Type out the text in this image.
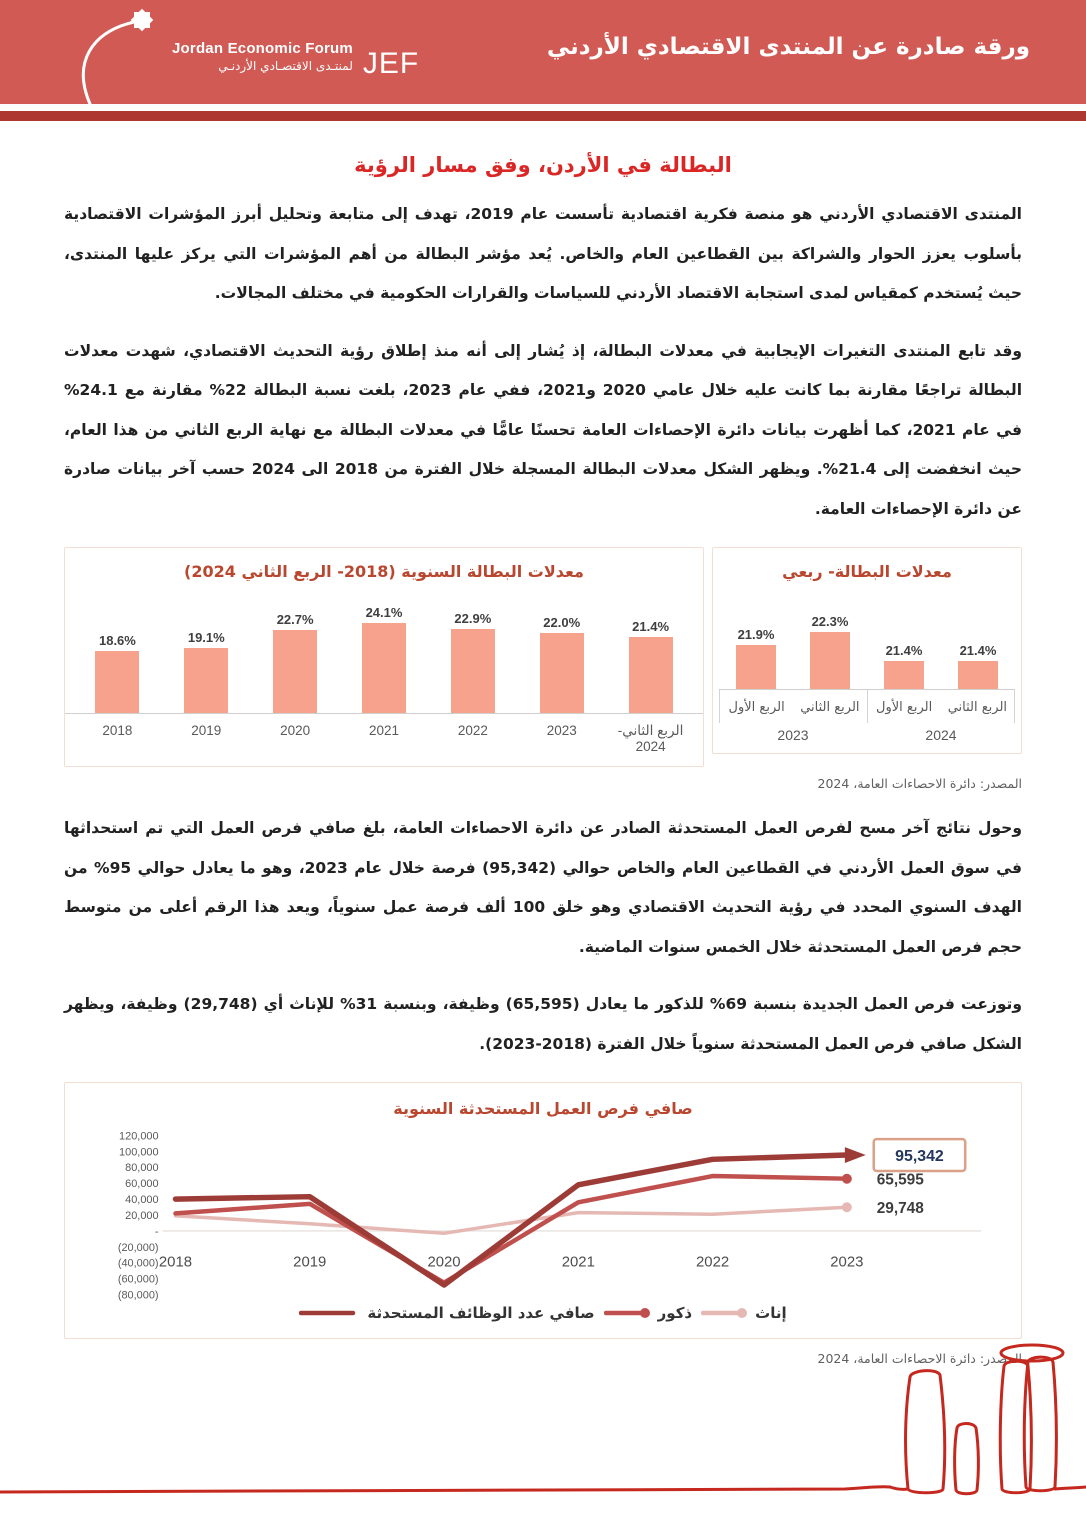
Jordan Economic Forum
لمنتـدى الاقتصـادي الأردنـي JEF	ورقة صادرة عن المنتدى الاقتصادي الأردني
البطالة في الأردن، وفق مسار الرؤية

المنتدى الاقتصادي الأردني هو منصة فكرية اقتصادية تأسست عام 2019، تهدف إلى متابعة وتحليل أبرز المؤشرات الاقتصادية بأسلوب يعزز الحوار والشراكة بين القطاعين العام والخاص. يُعد مؤشر البطالة من أهم المؤشرات التي يركز عليها المنتدى، حيث يُستخدم كمقياس لمدى استجابة الاقتصاد الأردني للسياسات والقرارات الحكومية في مختلف المجالات.

وقد تابع المنتدى التغيرات الإيجابية في معدلات البطالة، إذ يُشار إلى أنه منذ إطلاق رؤية التحديث الاقتصادي، شهدت معدلات البطالة تراجعًا مقارنة بما كانت عليه خلال عامي 2020 و2021، ففي عام 2023، بلغت نسبة البطالة 22% مقارنة مع 24.1% في عام 2021، كما أظهرت بيانات دائرة الإحصاءات العامة تحسنًا عامًّا في معدلات البطالة مع نهاية الربع الثاني من هذا العام، حيث انخفضت إلى 21.4%. ويظهر الشكل معدلات البطالة المسجلة خلال الفترة من 2018 الى 2024 حسب آخر بيانات صادرة عن دائرة الإحصاءات العامة.

معدلات البطالة السنوية (2018- الربع الثاني 2024)
18.6%	19.1%
22.7%	24.1%	22.9%	22.0%	21.4%
2018	2019	2020	2021	2022	2023	الربع الثاني- 2024
معدلات البطالة- ربعي
21.9%
22.3%
21.4%	21.4%
الربع الأول	الربع الثاني	الربع الأول	الربع الثاني
2023	2024
المصدر: دائرة الاحصاءات العامة، 2024

وحول نتائج آخر مسح لفرص العمل المستحدثة الصادر عن دائرة الاحصاءات العامة، بلغ صافي فرص العمل التي تم استحداثها في سوق العمل الأردني في القطاعين العام والخاص حوالي (95,342) فرصة خلال عام 2023، وهو ما يعادل حوالي 95% من الهدف السنوي المحدد في رؤية التحديث الاقتصادي وهو خلق 100 ألف فرصة عمل سنوياً، ويعد هذا الرقم أعلى من متوسط حجم فرص العمل المستحدثة خلال الخمس سنوات الماضية.

وتوزعت فرص العمل الجديدة بنسبة 69% للذكور ما يعادل (65,595) وظيفة، وبنسبة 31% للإناث أي (29,748) وظيفة، ويظهر الشكل صافي فرص العمل المستحدثة سنوياً خلال الفترة (2018-2023).

صافي فرص العمل المستحدثة السنوية
120,000
100,000
80,000
60,000
40,000
20,000
-
(20,000)
(40,000)
(60,000)
(80,000)
2018	2019	2020	2021	2022	2023
95,342
65,595
29,748
صافي عدد الوظائف المستحدثة	ذكور	إناث
المصدر: دائرة الاحصاءات العامة، 2024
